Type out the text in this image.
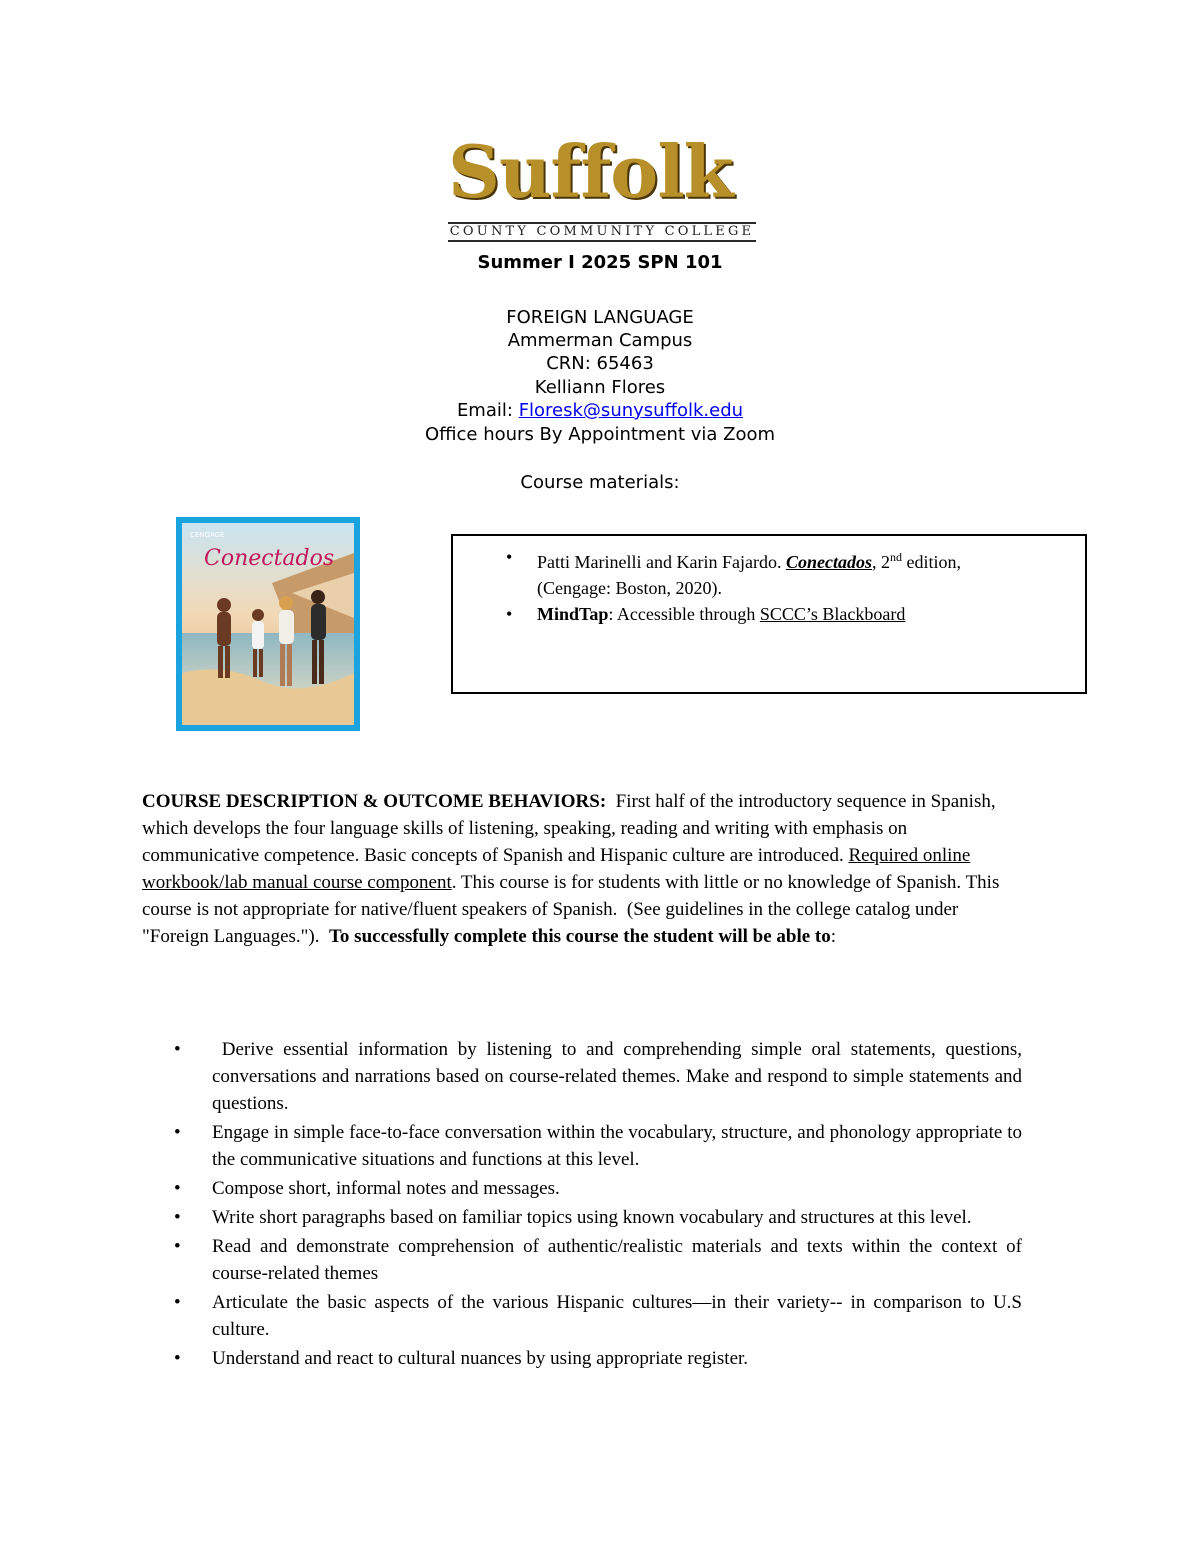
Suffolk
COUNTY COMMUNITY COLLEGE
Summer I 2025 SPN 101
FOREIGN LANGUAGE
Ammerman Campus
CRN: 65463
Kelliann Flores
Email: Floresk@sunysuffolk.edu
Office hours By Appointment via Zoom
Course materials:
CENGAGE
Conectados	• Patti Marinelli and Karin Fajardo. Conectados, 2nd edition,
(Cengage: Boston, 2020).
• MindTap: Accessible through SCCC’s Blackboard
COURSE DESCRIPTION & OUTCOME BEHAVIORS:  First half of the introductory sequence in Spanish, which develops the four language skills of listening, speaking, reading and writing with emphasis on communicative competence. Basic concepts of Spanish and Hispanic culture are introduced. Required online workbook/lab manual course component. This course is for students with little or no knowledge of Spanish. This course is not appropriate for native/fluent speakers of Spanish.  (See guidelines in the college catalog under "Foreign Languages.").  To successfully complete this course the student will be able to:
• Derive essential information by listening to and comprehending simple oral statements, questions, conversations and narrations based on course-related themes. Make and respond to simple statements and questions.
• Engage in simple face-to-face conversation within the vocabulary, structure, and phonology appropriate to the communicative situations and functions at this level.
• Compose short, informal notes and messages.
• Write short paragraphs based on familiar topics using known vocabulary and structures at this level.
• Read and demonstrate comprehension of authentic/realistic materials and texts within the context of course-related themes
• Articulate the basic aspects of the various Hispanic cultures—in their variety-- in comparison to U.S culture.
• Understand and react to cultural nuances by using appropriate register.
